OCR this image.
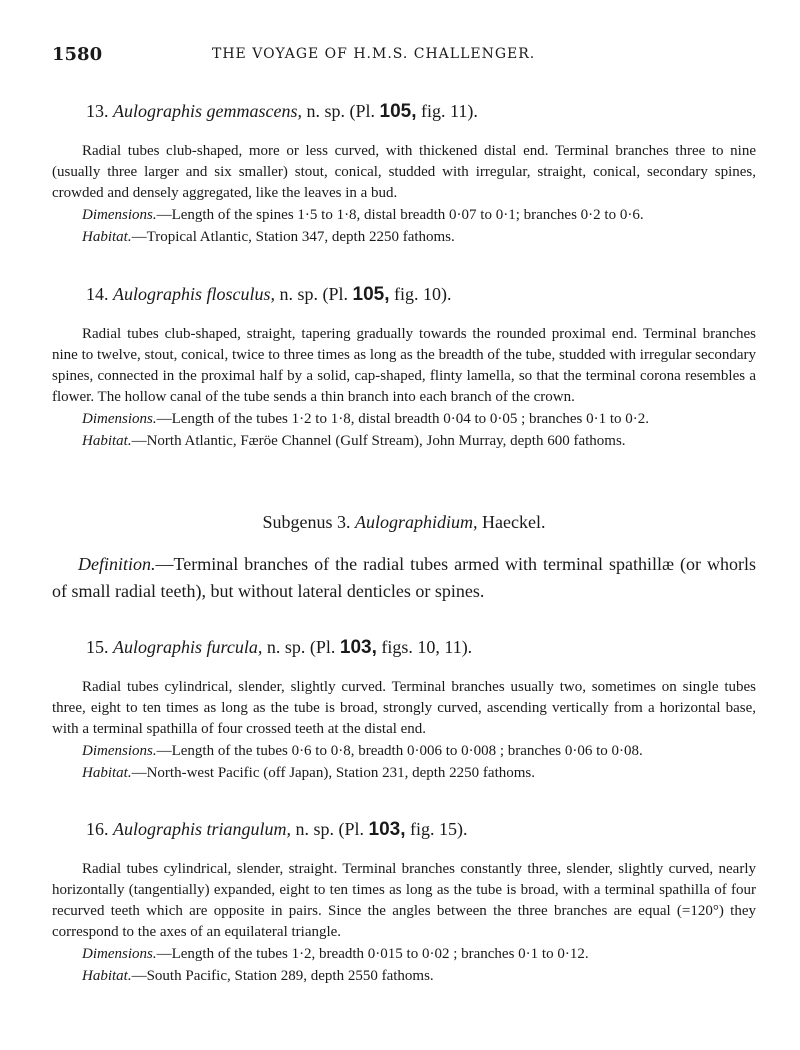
1580	THE VOYAGE OF H.M.S. CHALLENGER.
13. Aulographis gemmascens, n. sp. (Pl. 105, fig. 11).

Radial tubes club-shaped, more or less curved, with thickened distal end. Terminal branches three to nine (usually three larger and six smaller) stout, conical, studded with irregular, straight, conical, secondary spines, crowded and densely aggregated, like the leaves in a bud.

Dimensions.—Length of the spines 1·5 to 1·8, distal breadth 0·07 to 0·1; branches 0·2 to 0·6.

Habitat.—Tropical Atlantic, Station 347, depth 2250 fathoms.

14. Aulographis flosculus, n. sp. (Pl. 105, fig. 10).

Radial tubes club-shaped, straight, tapering gradually towards the rounded proximal end. Terminal branches nine to twelve, stout, conical, twice to three times as long as the breadth of the tube, studded with irregular secondary spines, connected in the proximal half by a solid, cap-shaped, flinty lamella, so that the terminal corona resembles a flower. The hollow canal of the tube sends a thin branch into each branch of the crown.

Dimensions.—Length of the tubes 1·2 to 1·8, distal breadth 0·04 to 0·05 ; branches 0·1 to 0·2.

Habitat.—North Atlantic, Færöe Channel (Gulf Stream), John Murray, depth 600 fathoms.

Subgenus 3. Aulographidium, Haeckel.

Definition.—Terminal branches of the radial tubes armed with terminal spathillæ (or whorls of small radial teeth), but without lateral denticles or spines.

15. Aulographis furcula, n. sp. (Pl. 103, figs. 10, 11).

Radial tubes cylindrical, slender, slightly curved. Terminal branches usually two, sometimes on single tubes three, eight to ten times as long as the tube is broad, strongly curved, ascending vertically from a horizontal base, with a terminal spathilla of four crossed teeth at the distal end.

Dimensions.—Length of the tubes 0·6 to 0·8, breadth 0·006 to 0·008 ; branches 0·06 to 0·08.

Habitat.—North-west Pacific (off Japan), Station 231, depth 2250 fathoms.

16. Aulographis triangulum, n. sp. (Pl. 103, fig. 15).

Radial tubes cylindrical, slender, straight. Terminal branches constantly three, slender, slightly curved, nearly horizontally (tangentially) expanded, eight to ten times as long as the tube is broad, with a terminal spathilla of four recurved teeth which are opposite in pairs. Since the angles between the three branches are equal (=120°) they correspond to the axes of an equilateral triangle.

Dimensions.—Length of the tubes 1·2, breadth 0·015 to 0·02 ; branches 0·1 to 0·12.

Habitat.—South Pacific, Station 289, depth 2550 fathoms.
